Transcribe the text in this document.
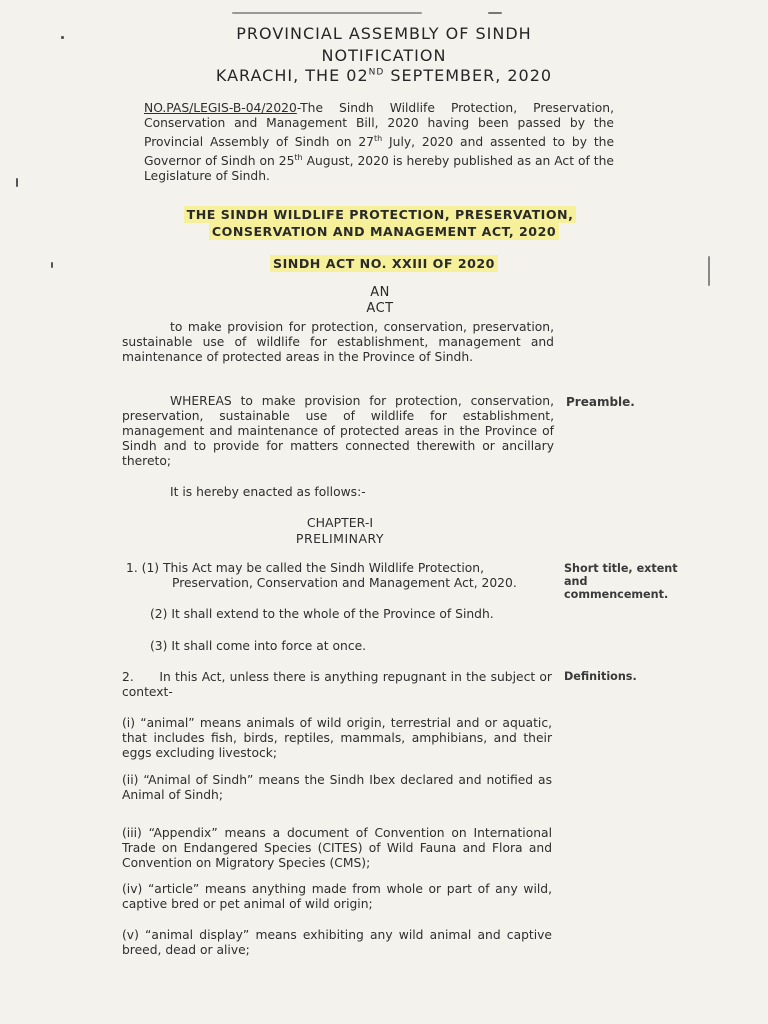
PROVINCIAL ASSEMBLY OF SINDH
NOTIFICATION
KARACHI, THE 02ND SEPTEMBER, 2020
NO.PAS/LEGIS-B-04/2020-The Sindh Wildlife Protection, Preservation, Conservation and Management Bill, 2020 having been passed by the Provincial Assembly of Sindh on 27th July, 2020 and assented to by the Governor of Sindh on 25th August, 2020 is hereby published as an Act of the Legislature of Sindh.
THE SINDH WILDLIFE PROTECTION, PRESERVATION,
CONSERVATION AND MANAGEMENT ACT, 2020
SINDH ACT NO. XXIII OF 2020
AN
ACT
to make provision for protection, conservation, preservation, sustainable use of wildlife for establishment, management and maintenance of protected areas in the Province of Sindh.
WHEREAS to make provision for protection, conservation, preservation, sustainable use of wildlife for establishment, management and maintenance of protected areas in the Province of Sindh and to provide for matters connected therewith or ancillary thereto;
Preamble.
It is hereby enacted as follows:-
CHAPTER-I
PRELIMINARY
1. (1) This Act may be called the Sindh Wildlife Protection,
Preservation, Conservation and Management Act, 2020.
Short title, extent and commencement.
(2) It shall extend to the whole of the Province of Sindh.
(3) It shall come into force at once.
2.      In this Act, unless there is anything repugnant in the subject or context-
Definitions.
(i) “animal” means animals of wild origin, terrestrial and or aquatic, that includes fish, birds, reptiles, mammals, amphibians, and their eggs excluding livestock;
(ii) “Animal of Sindh” means the Sindh Ibex declared and notified as Animal of Sindh;
(iii) “Appendix” means a document of Convention on International Trade on Endangered Species (CITES) of Wild Fauna and Flora and Convention on Migratory Species (CMS);
(iv) “article” means anything made from whole or part of any wild, captive bred or pet animal of wild origin;
(v) “animal display” means exhibiting any wild animal and captive breed, dead or alive;
